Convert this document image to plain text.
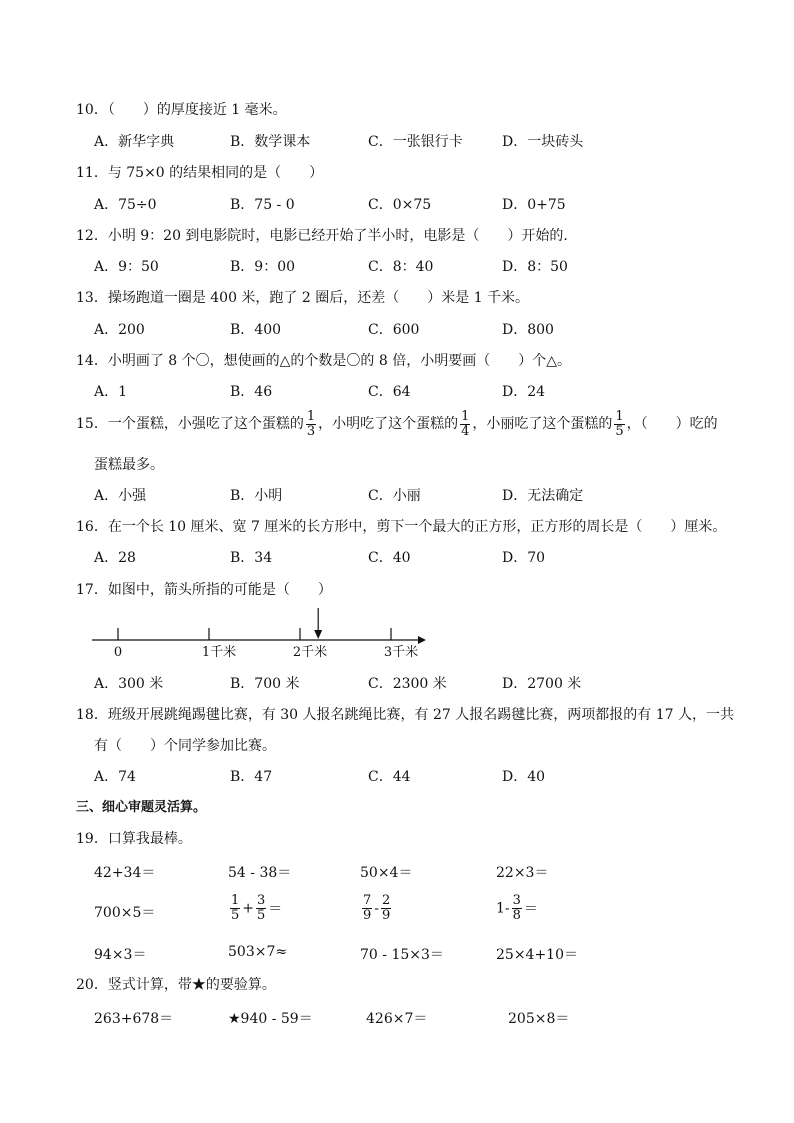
10．（　　）的厚度接近 1 毫米。
A．新华字典	B．数学课本	C．一张银行卡	D．一块砖头
11．与 75×0 的结果相同的是（　　）
A．75÷0	B．75 - 0	C．0×75	D．0+75
12．小明 9：20 到电影院时，电影已经开始了半小时，电影是（　　）开始的.
A．9：50	B．9：00	C．8：40	D．8：50
13．操场跑道一圈是 400 米，跑了 2 圈后，还差（　　）米是 1 千米。
A．200	B．400	C．600	D．800
14．小明画了 8 个〇，想使画的△的个数是〇的 8 倍，小明要画（　　）个△。
A．1	B．46	C．64	D．24
15．一个蛋糕，小强吃了这个蛋糕的 $\frac{1}{3}$ ，小明吃了这个蛋糕的 $\frac{1}{4}$ ，小丽吃了这个蛋糕的 $\frac{1}{5}$ ，（　　）吃的
蛋糕最多。
A．小强	B．小明	C．小丽	D．无法确定
16．在一个长 10 厘米、宽 7 厘米的长方形中，剪下一个最大的正方形，正方形的周长是（　　）厘米。
A．28	B．34	C．40	D．70
17．如图中，箭头所指的可能是（　　）
0	1千米	2千米	3千米
A．300 米	B．700 米	C．2300 米	D．2700 米
18．班级开展跳绳踢毽比赛，有 30 人报名跳绳比赛，有 27 人报名踢毽比赛，两项都报的有 17 人，一共
有（　　）个同学参加比赛。
A．74	B．47	C．44	D．40
三、细心审题灵活算。
19．口算我最棒。
42+34＝	54 - 38＝	50×4＝	22×3＝
700×5＝	$\frac{1}{5} + \frac{3}{5}$ ＝	$\frac{7}{9} - \frac{2}{9}$	$1- \frac{3}{8}$ ＝
94×3＝	503×7≈	70 - 15×3＝	25×4+10＝
20．竖式计算，带★的要验算。
263+678＝	★940 - 59＝	426×7＝	205×8＝
